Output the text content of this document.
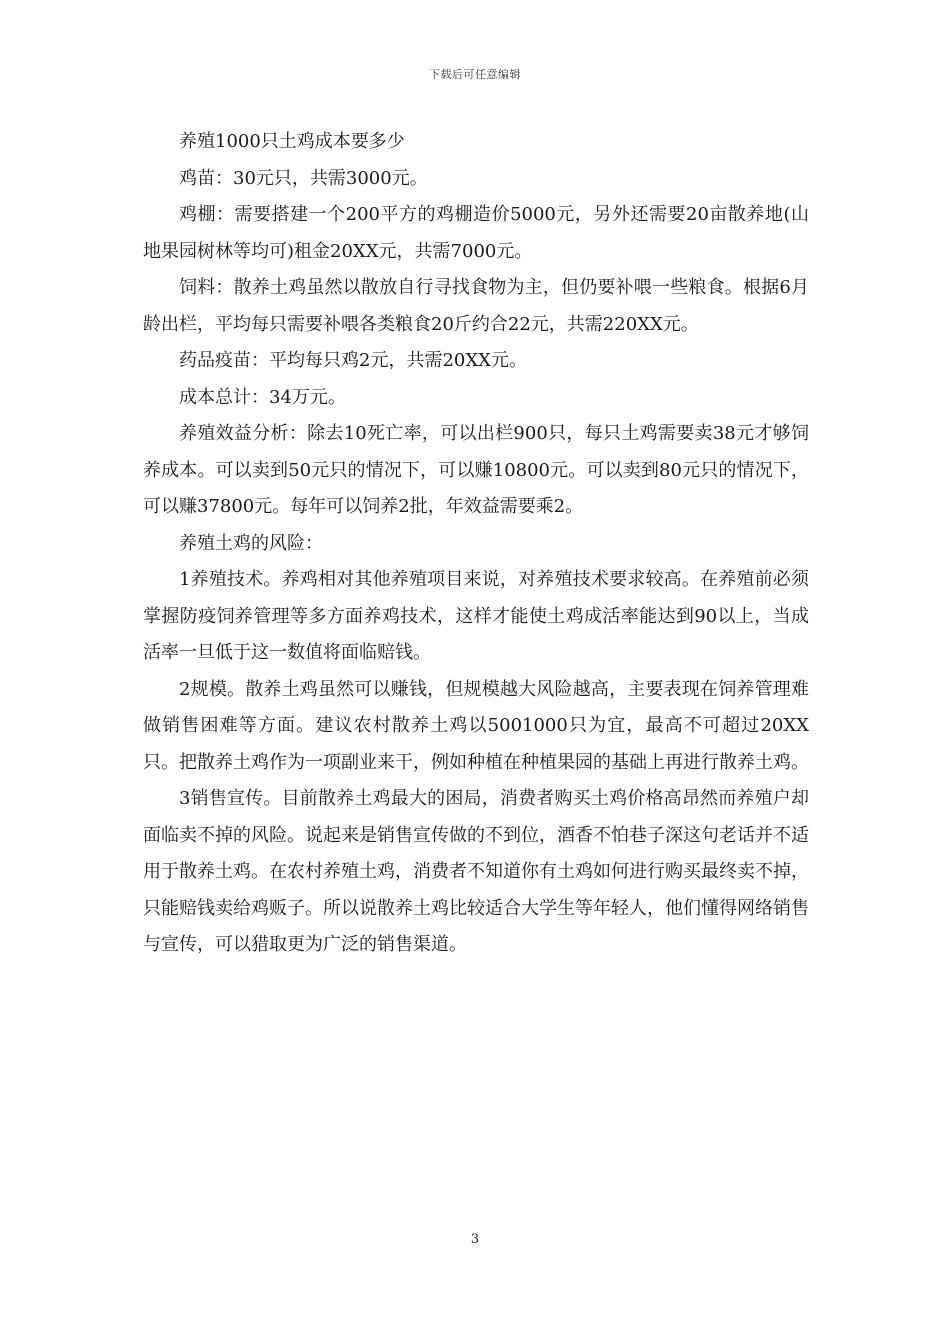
下载后可任意编辑

养殖1000只土鸡成本要多少

鸡苗：30元只，共需3000元。

鸡棚：需要搭建一个200平方的鸡棚造价5000元，另外还需要20亩散养地(山地果园树林等均可)租金20XX元，共需7000元。

饲料：散养土鸡虽然以散放自行寻找食物为主，但仍要补喂一些粮食。根据6月龄出栏，平均每只需要补喂各类粮食20斤约合22元，共需220XX元。

药品疫苗：平均每只鸡2元，共需20XX元。

成本总计：34万元。

养殖效益分析：除去10死亡率，可以出栏900只，每只土鸡需要卖38元才够饲养成本。可以卖到50元只的情况下，可以赚10800元。可以卖到80元只的情况下，可以赚37800元。每年可以饲养2批，年效益需要乘2。

养殖土鸡的风险：

1养殖技术。养鸡相对其他养殖项目来说，对养殖技术要求较高。在养殖前必须掌握防疫饲养管理等多方面养鸡技术，这样才能使土鸡成活率能达到90以上，当成活率一旦低于这一数值将面临赔钱。

2规模。散养土鸡虽然可以赚钱，但规模越大风险越高，主要表现在饲养管理难做销售困难等方面。建议农村散养土鸡以5001000只为宜，最高不可超过20XX只。把散养土鸡作为一项副业来干，例如种植在种植果园的基础上再进行散养土鸡。

3销售宣传。目前散养土鸡最大的困局，消费者购买土鸡价格高昂然而养殖户却面临卖不掉的风险。说起来是销售宣传做的不到位，酒香不怕巷子深这句老话并不适用于散养土鸡。在农村养殖土鸡，消费者不知道你有土鸡如何进行购买最终卖不掉，只能赔钱卖给鸡贩子。所以说散养土鸡比较适合大学生等年轻人，他们懂得网络销售与宣传，可以猎取更为广泛的销售渠道。

3
